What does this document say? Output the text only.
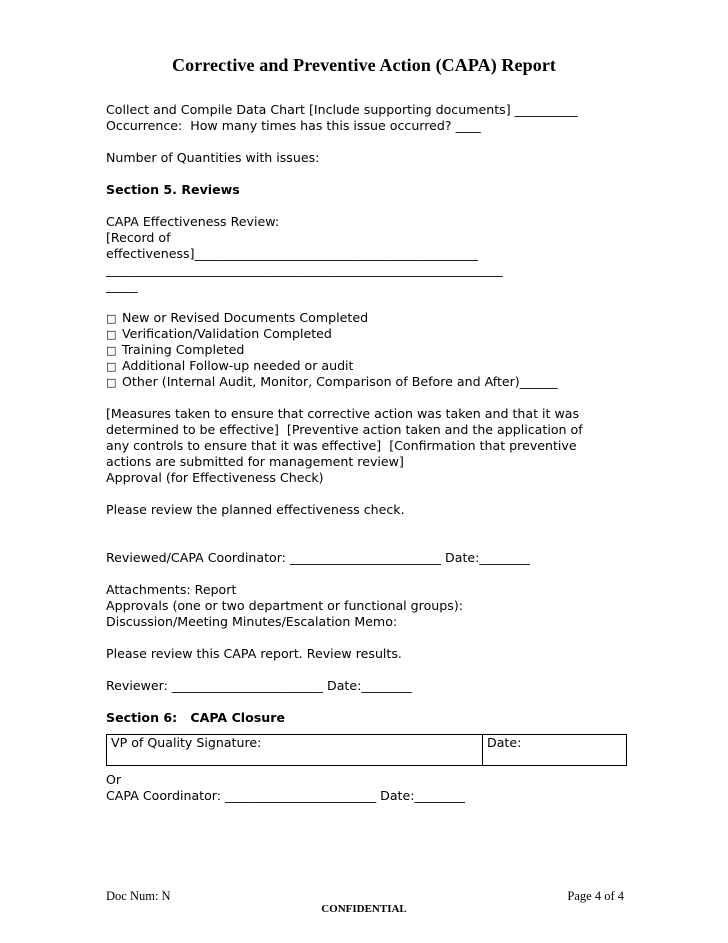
Corrective and Preventive Action (CAPA) Report
Collect and Compile Data Chart [Include supporting documents] __________
Occurrence:  How many times has this issue occurred? ____
Number of Quantities with issues:
Section 5. Reviews
CAPA Effectiveness Review:
[Record of
effectiveness]_____________________________________________
_______________________________________________________________
_____
□ New or Revised Documents Completed
□ Verification/Validation Completed
□ Training Completed
□ Additional Follow-up needed or audit
□ Other (Internal Audit, Monitor, Comparison of Before and After)______
[Measures taken to ensure that corrective action was taken and that it was
determined to be effective]  [Preventive action taken and the application of
any controls to ensure that it was effective]  [Confirmation that preventive
actions are submitted for management review]
Approval (for Effectiveness Check)
Please review the planned effectiveness check.
Reviewed/CAPA Coordinator: ________________________ Date:________
Attachments: Report
Approvals (one or two department or functional groups):
Discussion/Meeting Minutes/Escalation Memo:
Please review this CAPA report. Review results.
Reviewer: ________________________ Date:________
Section 6: CAPA Closure
VP of Quality Signature:	Date:
Or
CAPA Coordinator: ________________________ Date:________
Doc Num: N	Page 4 of 4
CONFIDENTIAL
